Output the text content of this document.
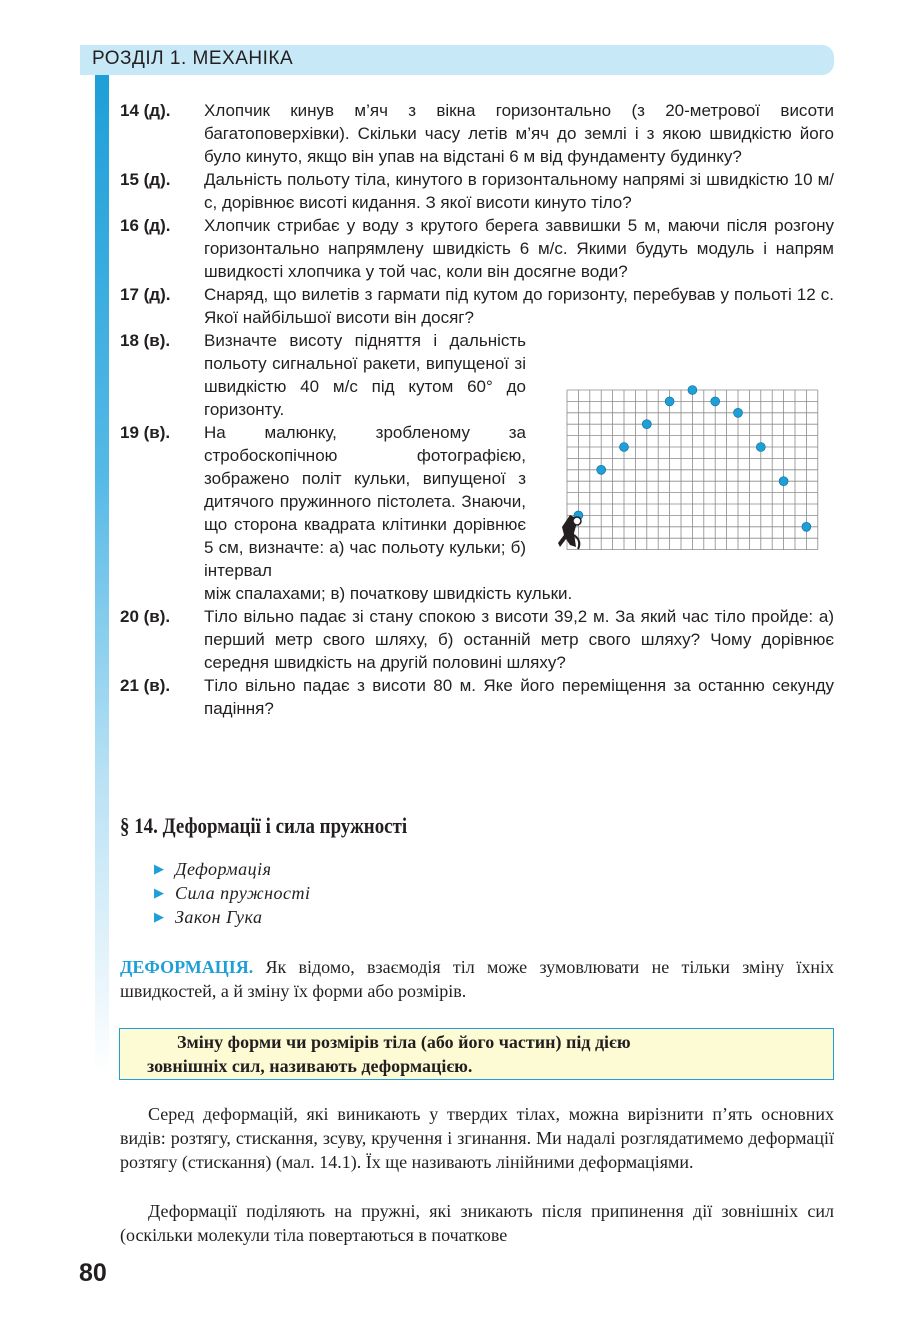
РОЗДІЛ 1. МЕХАНІКА
14 (д).	Хлопчик кинув м’яч з вікна горизонтально (з 20-метрової висоти багатоповерхівки). Скільки часу летів м’яч до землі і з якою швидкістю його було кинуто, якщо він упав на відстані 6 м від фундаменту будинку?
15 (д).	Дальність польоту тіла, кинутого в горизонтальному напрямі зі швидкістю 10 м/с, дорівнює висоті кидання. З якої висоти кинуто тіло?
16 (д).	Хлопчик стрибає у воду з крутого берега заввишки 5 м, маючи після розгону горизонтально напрямлену швидкість 6 м/с. Якими будуть модуль і напрям швидкості хлопчика у той час, коли він досягне води?
17 (д).	Снаряд, що вилетів з гармати під кутом до горизонту, перебував у польоті 12 с. Якої найбільшої висоти він досяг?
18 (в).	Визначте висоту підняття і дальність польоту сигнальної ракети, випущеної зі швидкістю 40 м/с під кутом 60° до горизонту.
19 (в).	На малюнку, зробленому за стробоскопічною фотографією, зображено політ кульки, випущеної з дитячого пружинного пістолета. Знаючи, що сторона квадрата клітинки дорівнює 5 см, визначте: а) час польоту кульки; б) інтервал
між спалахами; в) початкову швидкість кульки.
20 (в).	Тіло вільно падає зі стану спокою з висоти 39,2 м. За який час тіло пройде: а) перший метр свого шляху, б) останній метр свого шляху? Чому дорівнює середня швидкість на другій половині шляху?
21 (в).	Тіло вільно падає з висоти 80 м. Яке його переміщення за останню секунду падіння?
§ 14. Деформації і сила пружності
▶ Деформація
▶ Сила пружності
▶ Закон Гука
ДЕФОРМАЦІЯ. Як відомо, взаємодія тіл може зумовлювати не тільки зміну їхніх швидкостей, а й зміну їх форми або розмірів.
Зміну форми чи розмірів тіла (або його частин) під дією
зовнішніх сил, називають деформацією.
Серед деформацій, які виникають у твердих тілах, можна вирізнити п’ять основних видів: розтягу, стискання, зсуву, кручення і згинання. Ми надалі розглядатимемо деформації розтягу (стискання) (мал. 14.1). Їх ще називають лінійними деформаціями.
Деформації поділяють на пружні, які зникають після припинення дії зовнішніх сил (оскільки молекули тіла повертаються в початкове
80
